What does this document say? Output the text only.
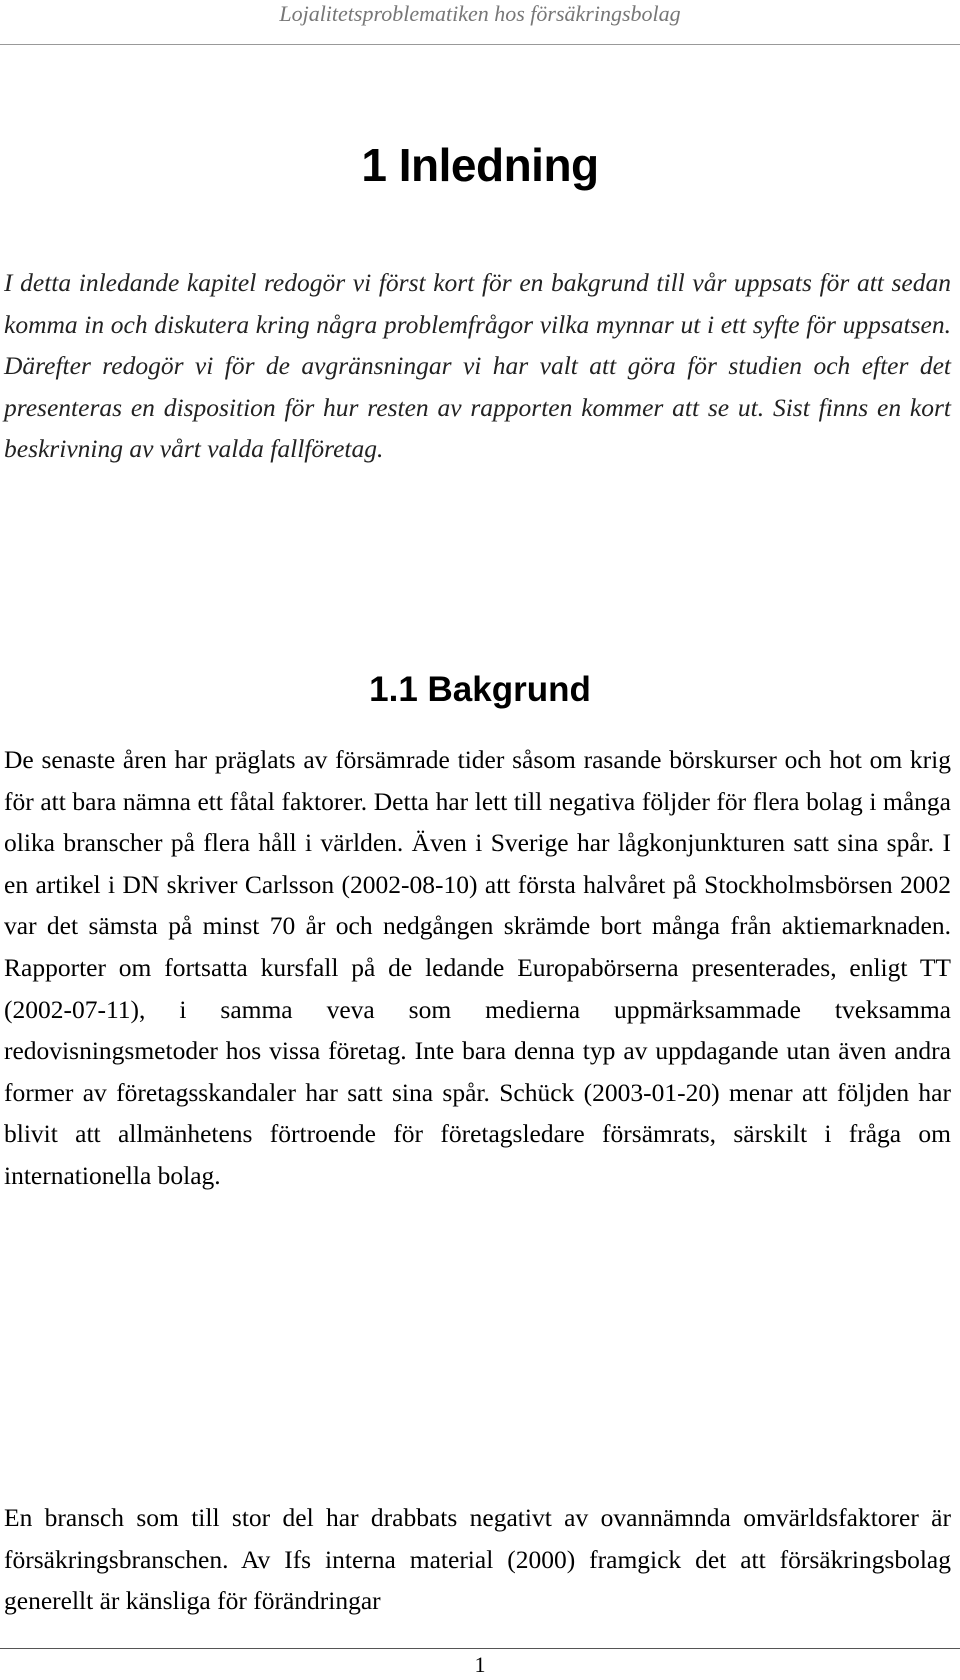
Lojalitetsproblematiken hos försäkringsbolag
1 Inledning

I detta inledande kapitel redogör vi först kort för en bakgrund till vår uppsats för att sedan komma in och diskutera kring några problemfrågor vilka mynnar ut i ett syfte för uppsatsen. Därefter redogör vi för de avgränsningar vi har valt att göra för studien och efter det presenteras en disposition för hur resten av rapporten kommer att se ut. Sist finns en kort beskrivning av vårt valda fallföretag.

1.1 Bakgrund

De senaste åren har präglats av försämrade tider såsom rasande börskurser och hot om krig för att bara nämna ett fåtal faktorer. Detta har lett till negativa följder för flera bolag i många olika branscher på flera håll i världen. Även i Sverige har lågkonjunkturen satt sina spår. I en artikel i DN skriver Carlsson (2002-08-10) att första halvåret på Stockholmsbörsen 2002 var det sämsta på minst 70 år och nedgången skrämde bort många från aktiemarknaden. Rapporter om fortsatta kursfall på de ledande Europabörserna presenterades, enligt TT (2002-07-11), i samma veva som medierna uppmärksammade tveksamma redovisningsmetoder hos vissa företag. Inte bara denna typ av uppdagande utan även andra former av företagsskandaler har satt sina spår. Schück (2003-01-20) menar att följden har blivit att allmänhetens förtroende för företagsledare försämrats, särskilt i fråga om internationella bolag.

En bransch som till stor del har drabbats negativt av ovannämnda omvärldsfaktorer är försäkringsbranschen. Av Ifs interna material (2000) framgick det att försäkringsbolag generellt är känsliga för förändringar

1
